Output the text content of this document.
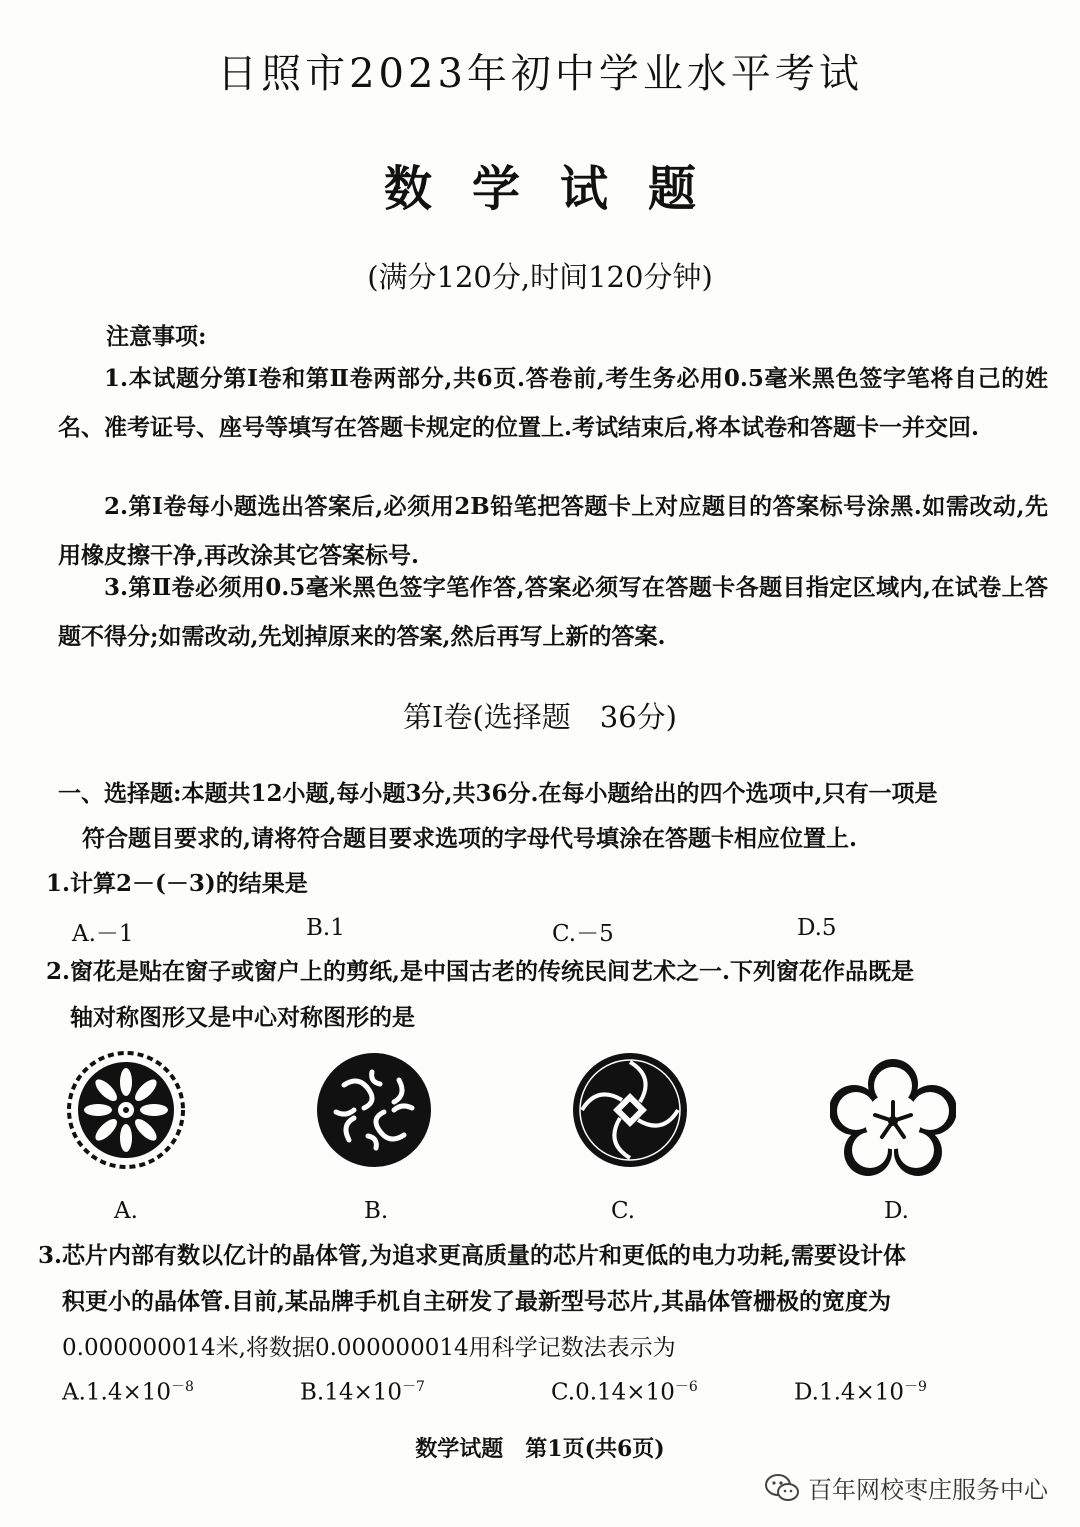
日照市2023年初中学业水平考试
数学试题
(满分120分,时间120分钟)
注意事项:
1.本试题分第Ⅰ卷和第Ⅱ卷两部分,共6页.答卷前,考生务必用0.5毫米黑色签字笔将自己的姓名、准考证号、座号等填写在答题卡规定的位置上.考试结束后,将本试卷和答题卡一并交回.
2.第Ⅰ卷每小题选出答案后,必须用2B铅笔把答题卡上对应题目的答案标号涂黑.如需改动,先用橡皮擦干净,再改涂其它答案标号.
3.第Ⅱ卷必须用0.5毫米黑色签字笔作答,答案必须写在答题卡各题目指定区域内,在试卷上答题不得分;如需改动,先划掉原来的答案,然后再写上新的答案.
第Ⅰ卷(选择题　36分)
一、选择题:本题共12小题,每小题3分,共36分.在每小题给出的四个选项中,只有一项是
符合题目要求的,请将符合题目要求选项的字母代号填涂在答题卡相应位置上.
1.计算2－(－3)的结果是
A.－1	B.1	C.－5	D.5
2.窗花是贴在窗子或窗户上的剪纸,是中国古老的传统民间艺术之一.下列窗花作品既是
轴对称图形又是中心对称图形的是
A.	B.	C.	D.
3.芯片内部有数以亿计的晶体管,为追求更高质量的芯片和更低的电力功耗,需要设计体
积更小的晶体管.目前,某品牌手机自主研发了最新型号芯片,其晶体管栅极的宽度为
0.000000014米,将数据0.000000014用科学记数法表示为
$A.1.4\times 10^{-8}$	$B.14\times 10^{-7}$	$C.0.14\times 10^{-6}$	$D.1.4\times 10^{-9}$
数学试题　第1页(共6页)
百年网校枣庄服务中心
